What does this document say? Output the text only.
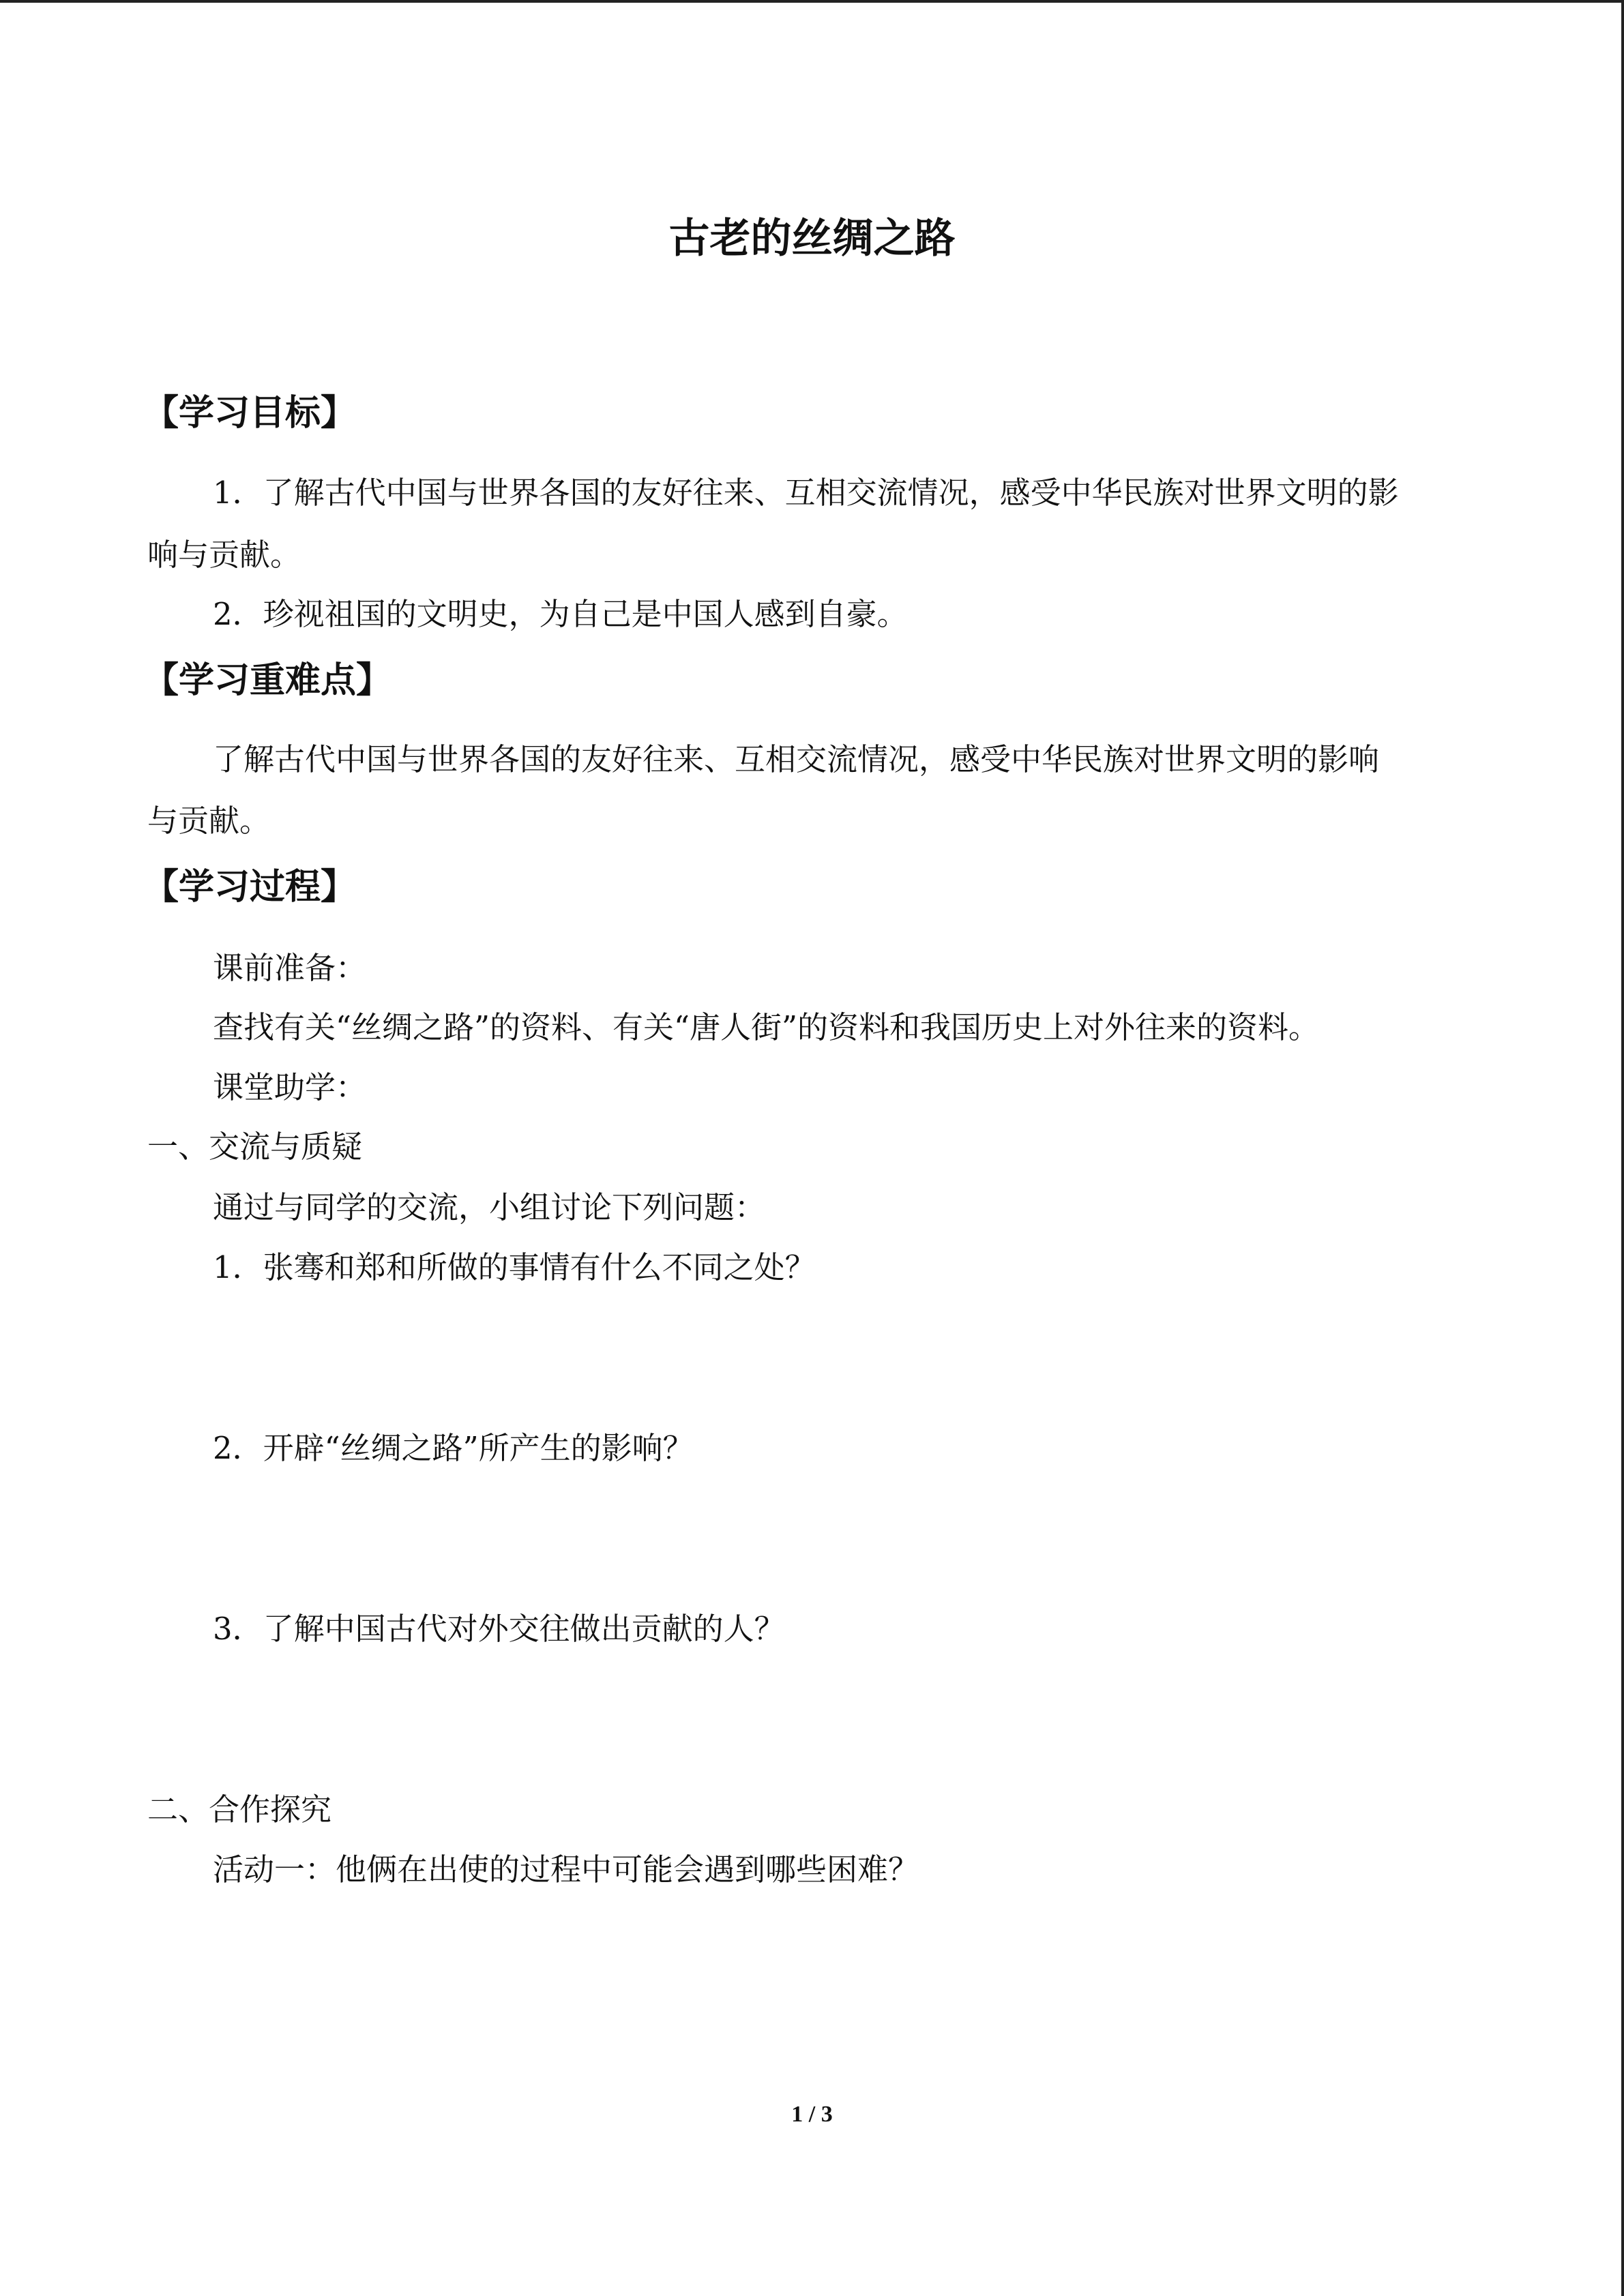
古老的丝绸之路
【学习目标】

1．了解古代中国与世界各国的友好往来、互相交流情况，感受中华民族对世界文明的影

响与贡献。

2．珍视祖国的文明史，为自己是中国人感到自豪。

【学习重难点】

了解古代中国与世界各国的友好往来、互相交流情况，感受中华民族对世界文明的影响

与贡献。

【学习过程】

课前准备：

查找有关“丝绸之路”的资料、有关“唐人街”的资料和我国历史上对外往来的资料。

课堂助学：

一、交流与质疑

通过与同学的交流，小组讨论下列问题：

1．张骞和郑和所做的事情有什么不同之处？

2．开辟“丝绸之路”所产生的影响？

3．了解中国古代对外交往做出贡献的人？

二、合作探究

活动一：他俩在出使的过程中可能会遇到哪些困难？

1 / 3
